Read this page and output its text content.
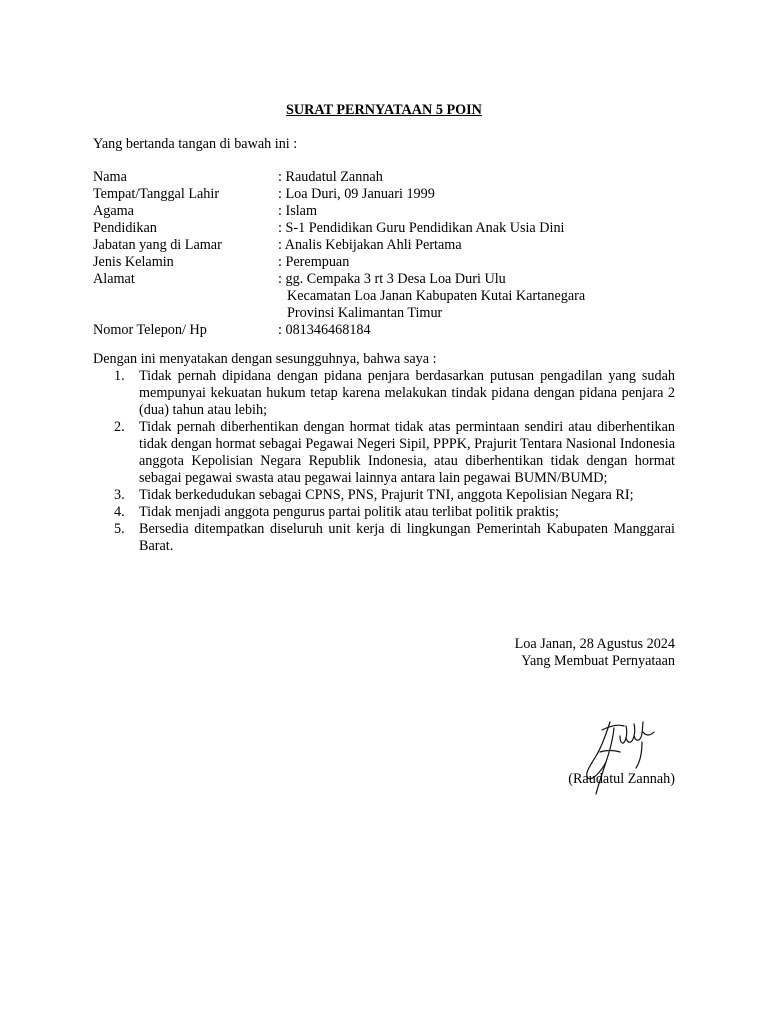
SURAT PERNYATAAN 5 POIN
Yang bertanda tangan di bawah ini :
Nama	: Raudatul Zannah
Tempat/Tanggal Lahir	: Loa Duri, 09 Januari 1999
Agama	: Islam
Pendidikan	: S-1 Pendidikan Guru Pendidikan Anak Usia Dini
Jabatan yang di Lamar	: Analis Kebijakan Ahli Pertama
Jenis Kelamin	: Perempuan
Alamat	: gg. Cempaka 3 rt 3 Desa Loa Duri Ulu
Kecamatan Loa Janan Kabupaten Kutai Kartanegara
Provinsi Kalimantan Timur
Nomor Telepon/ Hp	: 081346468184
Dengan ini menyatakan dengan sesungguhnya, bahwa saya :
1.	Tidak pernah dipidana dengan pidana penjara berdasarkan putusan pengadilan yang sudah mempunyai kekuatan hukum tetap karena melakukan tindak pidana dengan pidana penjara 2 (dua) tahun atau lebih;
2.	Tidak pernah diberhentikan dengan hormat tidak atas permintaan sendiri atau diberhentikan tidak dengan hormat sebagai Pegawai Negeri Sipil, PPPK, Prajurit Tentara Nasional Indonesia anggota Kepolisian Negara Republik Indonesia, atau diberhentikan tidak dengan hormat sebagai pegawai swasta atau pegawai lainnya antara lain pegawai BUMN/BUMD;
3.	Tidak berkedudukan sebagai CPNS, PNS, Prajurit TNI, anggota Kepolisian Negara RI;
4.	Tidak menjadi anggota pengurus partai politik atau terlibat politik praktis;
5.	Bersedia ditempatkan diseluruh unit kerja di lingkungan Pemerintah Kabupaten Manggarai Barat.
Loa Janan, 28 Agustus 2024
Yang Membuat Pernyataan
(Raudatul Zannah)
